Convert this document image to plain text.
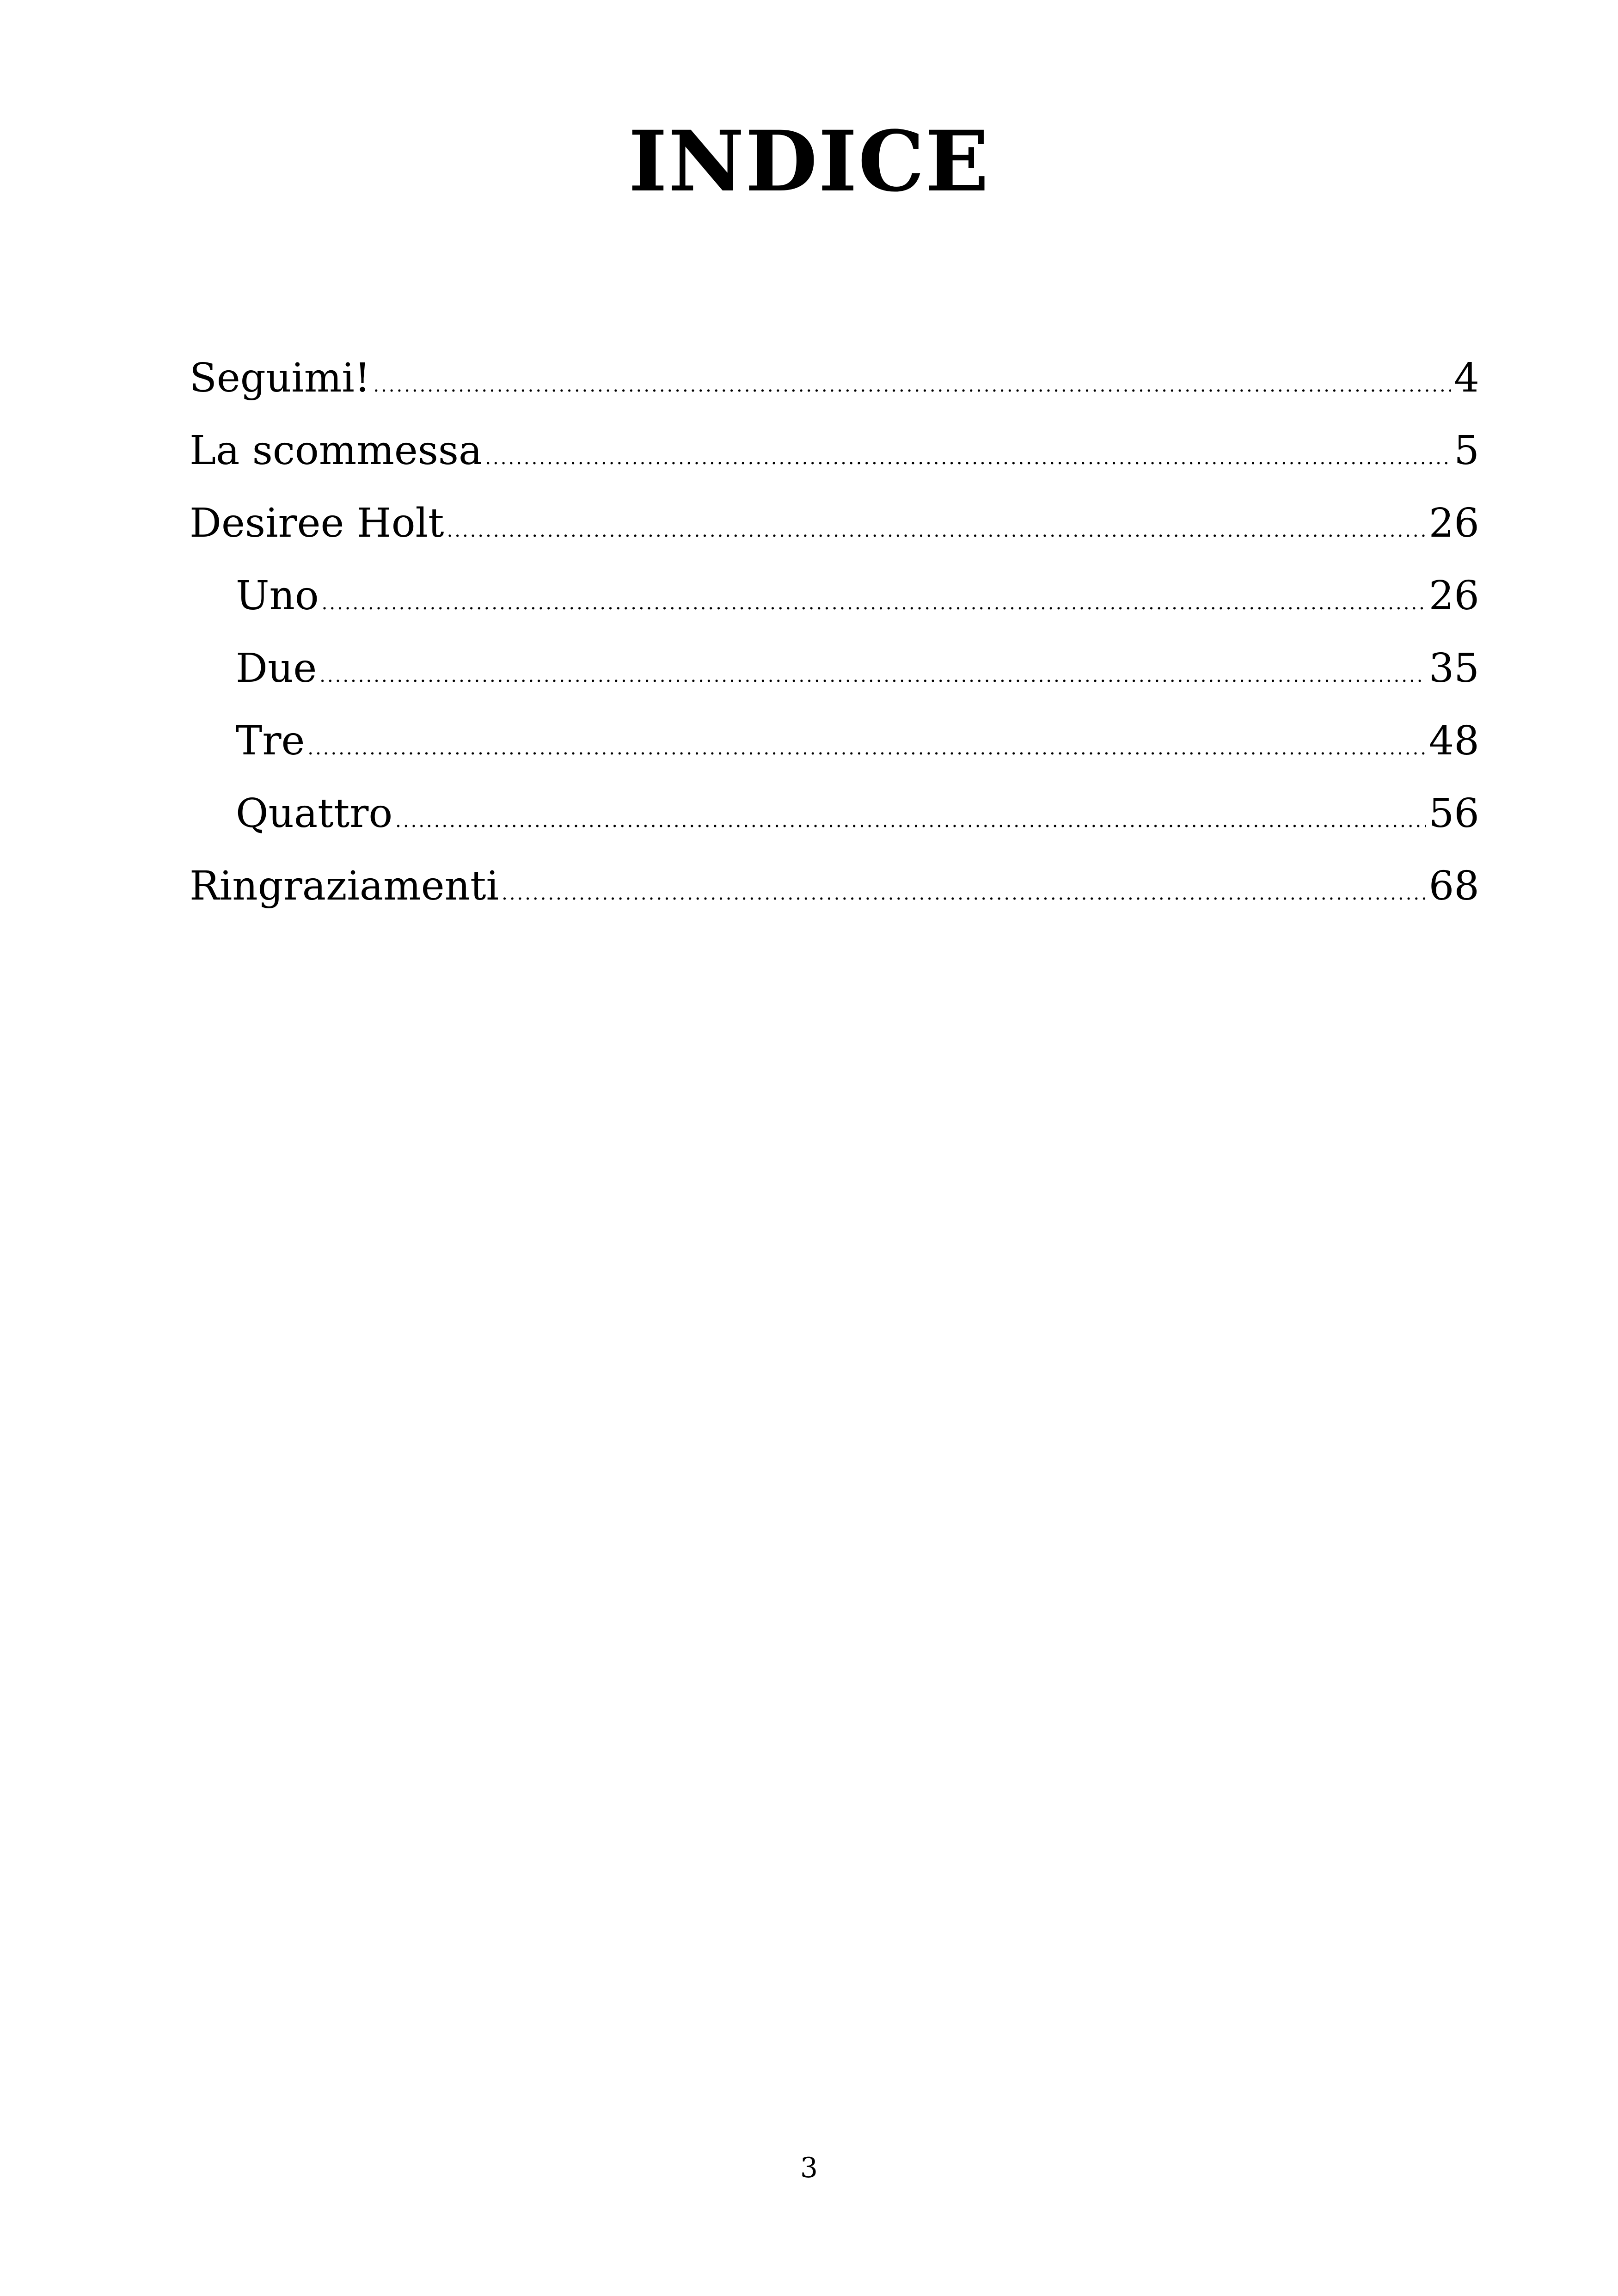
INDICE
Seguimi! .....	4
La scommessa .....	5
Desiree Holt .....	26
Uno .....	26
Due .....	35
Tre .....	48
Quattro .....	56
Ringraziamenti .....	68
3
